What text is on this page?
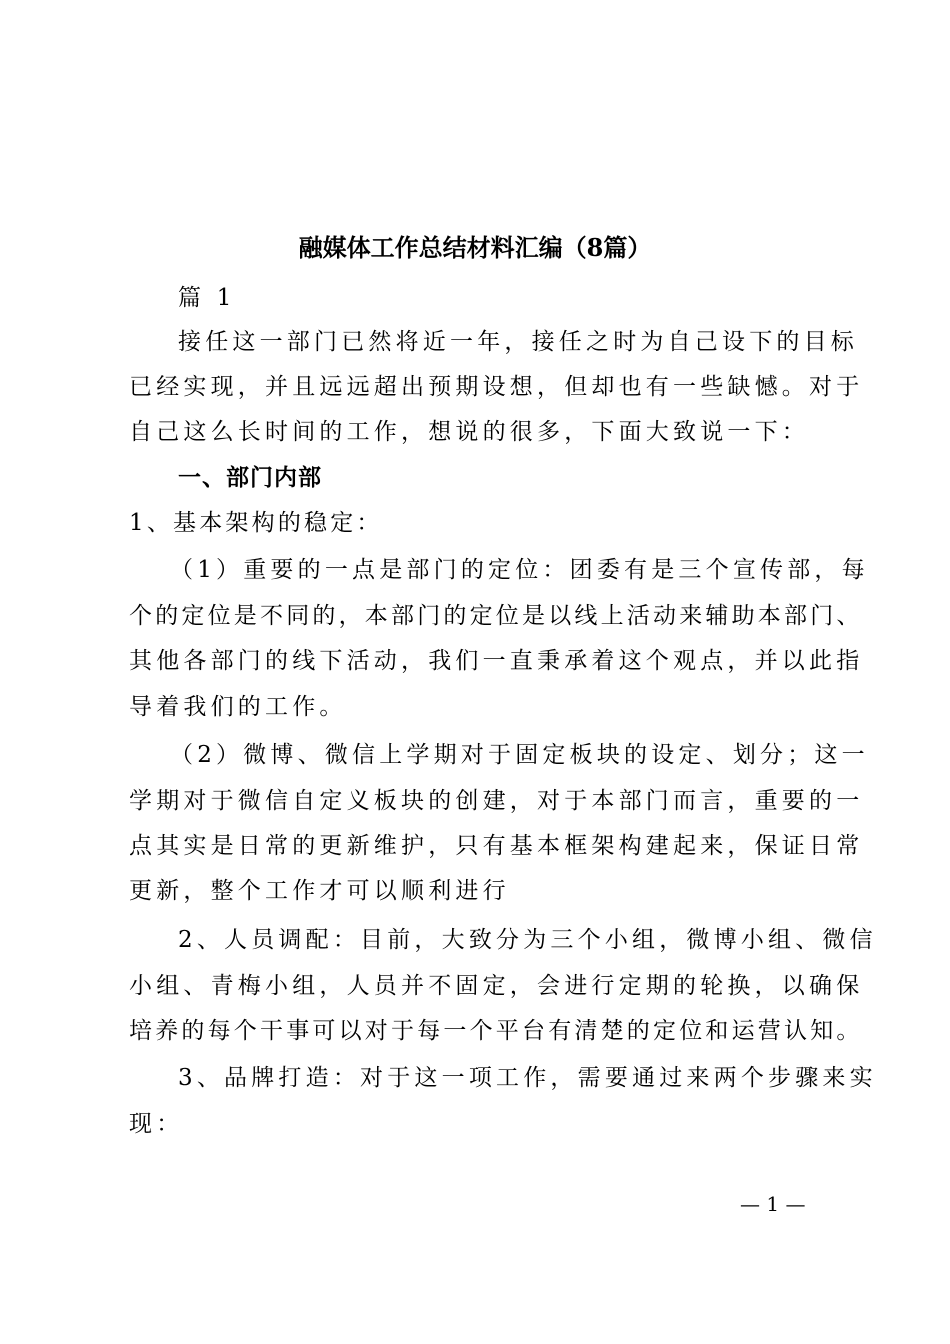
融媒体工作总结材料汇编（8篇）
篇 1
接任这一部门已然将近一年，接任之时为自己设下的目标
已经实现，并且远远超出预期设想，但却也有一些缺憾。对于
自己这么长时间的工作，想说的很多，下面大致说一下：
一、部门内部
1、基本架构的稳定：
（1）重要的一点是部门的定位：团委有是三个宣传部，每
个的定位是不同的，本部门的定位是以线上活动来辅助本部门、
其他各部门的线下活动，我们一直秉承着这个观点，并以此指
导着我们的工作。
（2）微博、微信上学期对于固定板块的设定、划分；这一
学期对于微信自定义板块的创建，对于本部门而言，重要的一
点其实是日常的更新维护，只有基本框架构建起来，保证日常
更新，整个工作才可以顺利进行
2、人员调配：目前，大致分为三个小组，微博小组、微信
小组、青梅小组，人员并不固定，会进行定期的轮换，以确保
培养的每个干事可以对于每一个平台有清楚的定位和运营认知。
3、品牌打造：对于这一项工作，需要通过来两个步骤来实
现：
— 1 —
